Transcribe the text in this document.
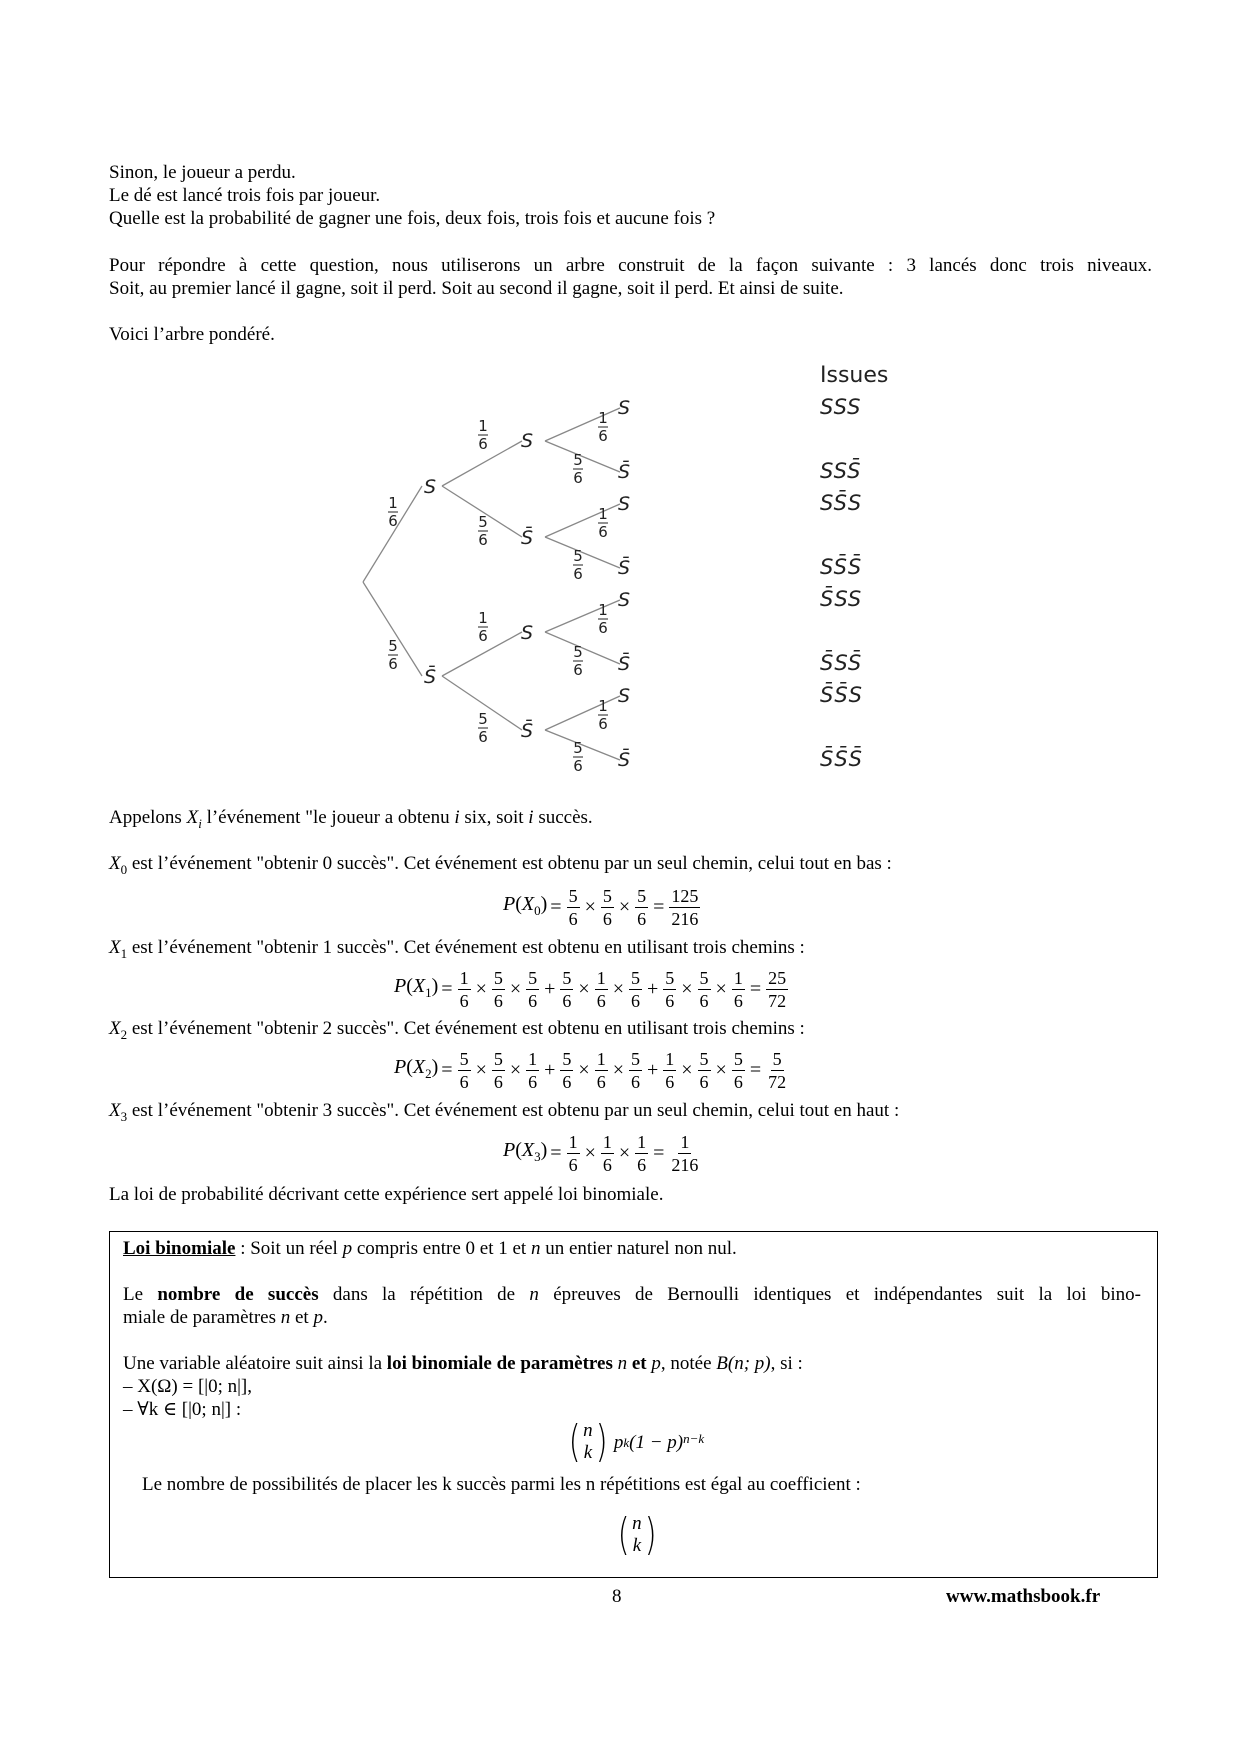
Sinon, le joueur a perdu.
Le dé est lancé trois fois par joueur.
Quelle est la probabilité de gagner une fois, deux fois, trois fois et aucune fois ?
Pour répondre à cette question, nous utiliserons un arbre construit de la façon suivante : 3 lancés donc trois niveaux.
Soit, au premier lancé il gagne, soit il perd. Soit au second il gagne, soit il perd. Et ainsi de suite.
Voici l’arbre pondéré.
S
S̄
S
S̄
S
S̄
S
S̄
S
S̄
S
S̄
S
S̄
1
6
5
6
1
6
5
6
1
6
5
6
1
6
5
6
1
6
5
6
1
6
5
6
1
6
5
6
Issues
SSS
SSS̄
SS̄S
SS̄S̄
S̄SS
S̄SS̄
S̄S̄S
S̄S̄S̄
Appelons $X_i$ l’événement "le joueur a obtenu i six, soit i succès.
$X_0$ est l’événement "obtenir 0 succès". Cet événement est obtenu par un seul chemin, celui tout en bas :
$P(X_0) = \frac{5}{6} \times \frac{5}{6} \times \frac{5}{6} = \frac{125}{216}$
$X_1$ est l’événement "obtenir 1 succès". Cet événement est obtenu en utilisant trois chemins :
$P(X_1) = \frac{1}{6} \times \frac{5}{6} \times \frac{5}{6} + \frac{5}{6} \times \frac{1}{6} \times \frac{5}{6} + \frac{5}{6} \times \frac{5}{6} \times \frac{1}{6} = \frac{25}{72}$
$X_2$ est l’événement "obtenir 2 succès". Cet événement est obtenu en utilisant trois chemins :
$P(X_2) = \frac{5}{6} \times \frac{5}{6} \times \frac{1}{6} + \frac{5}{6} \times \frac{1}{6} \times \frac{5}{6} + \frac{1}{6} \times \frac{5}{6} \times \frac{5}{6} = \frac{5}{72}$
$X_3$ est l’événement "obtenir 3 succès". Cet événement est obtenu par un seul chemin, celui tout en haut :
$P(X_3) = \frac{1}{6} \times \frac{1}{6} \times \frac{1}{6} = \frac{1}{216}$
La loi de probabilité décrivant cette expérience sert appelé loi binomiale.
Loi binomiale : Soit un réel p compris entre 0 et 1 et n un entier naturel non nul.
Le nombre de succès dans la répétition de n épreuves de Bernoulli identiques et indépendantes suit la loi bino-
miale de paramètres n et p.
Une variable aléatoire suit ainsi la loi binomiale de paramètres n et p, notée B(n; p), si :
– X(Ω) = [|0; n|],
– ∀k ∈ [|0; n|] :
( n
k ) p k $(1 - p)^{n-k}$
Le nombre de possibilités de placer les k succès parmi les n répétitions est égal au coefficient :
( n
k )
8	www.mathsbook.fr
